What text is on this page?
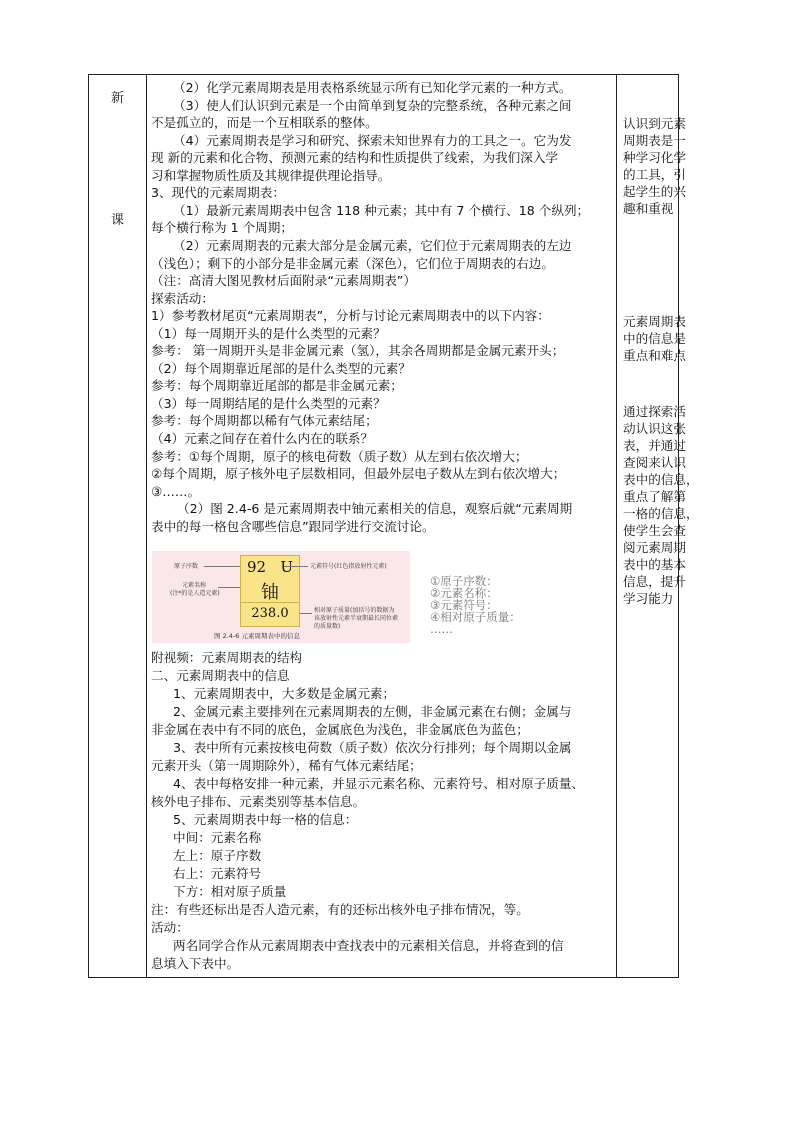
新
课
原子序数
元素名称
(注*的是人造元素)
92 U
铀
238.0
元素符号(红色指放射性元素)
相对原子质量(加括号的数据为
该放射性元素半衰期最长同位素
的质量数)
图 2.4-6 元素周期表中的信息
①原子序数：
②元素名称：
③元素符号：
④相对原子质量：
……
（2）化学元素周期表是用表格系统显示所有已知化学元素的一种方式。
（3）使人们认识到元素是一个由简单到复杂的完整系统，各种元素之间
不是孤立的，而是一个互相联系的整体。
（4）元素周期表是学习和研究、探索未知世界有力的工具之一。它为发
现 新的元素和化合物、预测元素的结构和性质提供了线索，为我们深入学
习和掌握物质性质及其规律提供理论指导。
3、现代的元素周期表：
（1）最新元素周期表中包含 118 种元素；其中有 7 个横行、18 个纵列；
每个横行称为 1 个周期；
（2）元素周期表的元素大部分是金属元素，它们位于元素周期表的左边
（浅色）；剩下的小部分是非金属元素（深色），它们位于周期表的右边。
（注：高清大图见教材后面附录“元素周期表”）
探索活动：
1）参考教材尾页“元素周期表”，分析与讨论元素周期表中的以下内容：
（1）每一周期开头的是什么类型的元素？
参考： 第一周期开头是非金属元素（氢），其余各周期都是金属元素开头；
（2）每个周期靠近尾部的是什么类型的元素？
参考：每个周期靠近尾部的都是非金属元素；
（3）每一周期结尾的是什么类型的元素？
参考：每个周期都以稀有气体元素结尾；
（4）元素之间存在着什么内在的联系？
参考：①每个周期，原子的核电荷数（质子数）从左到右依次增大；
②每个周期，原子核外电子层数相同，但最外层电子数从左到右依次增大；
③……。
（2）图 2.4-6 是元素周期表中铀元素相关的信息，观察后就“元素周期
表中的每一格包含哪些信息”跟同学进行交流讨论。
附视频：元素周期表的结构
二、元素周期表中的信息
1、元素周期表中，大多数是金属元素；
2、金属元素主要排列在元素周期表的左侧，非金属元素在右侧；金属与
非金属在表中有不同的底色，金属底色为浅色，非金属底色为蓝色；
3、表中所有元素按核电荷数（质子数）依次分行排列；每个周期以金属
元素开头（第一周期除外），稀有气体元素结尾；
4、表中每格安排一种元素，并显示元素名称、元素符号、相对原子质量、
核外电子排布、元素类别等基本信息。
5、元素周期表中每一格的信息：
中间：元素名称
左上：原子序数
右上：元素符号
下方：相对原子质量
注：有些还标出是否人造元素，有的还标出核外电子排布情况，等。
活动：
两名同学合作从元素周期表中查找表中的元素相关信息，并将查到的信
息填入下表中。
认识到元素
周期表是一
种学习化学
的工具，引
起学生的兴
趣和重视
元素周期表
中的信息是
重点和难点
通过探索活
动认识这张
表，并通过
查阅来认识
表中的信息，
重点了解第
一格的信息，
使学生会查
阅元素周期
表中的基本
信息，提升
学习能力
